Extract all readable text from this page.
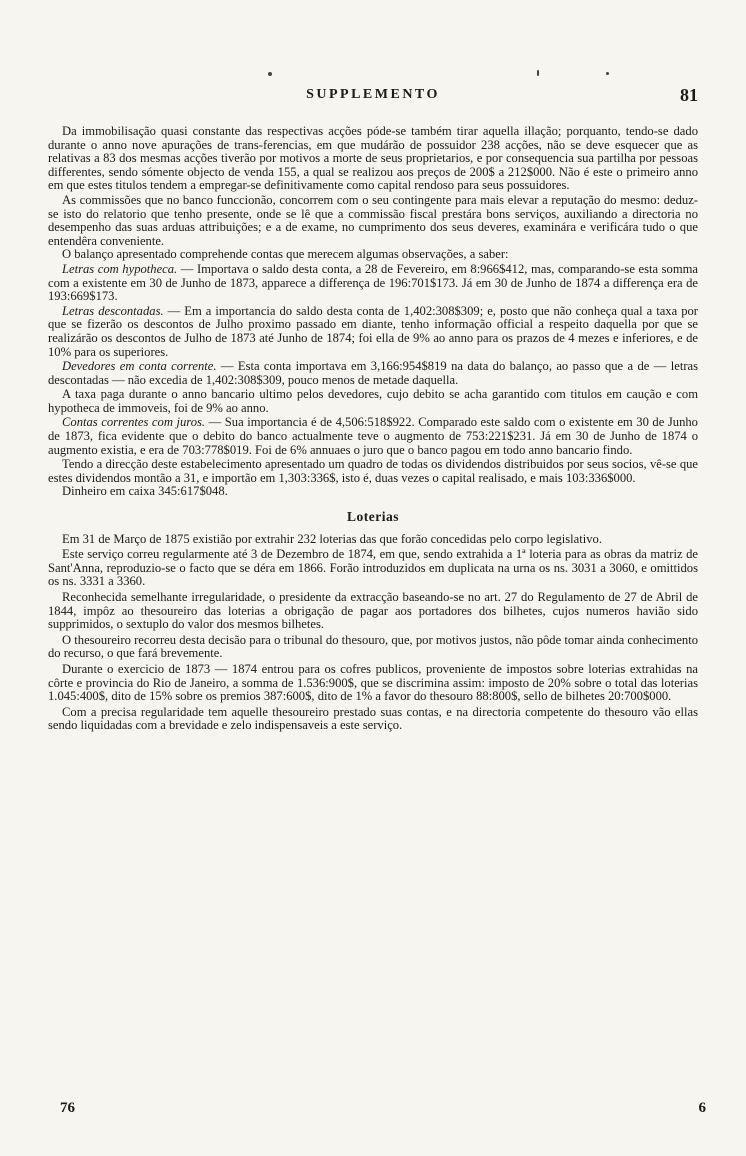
SUPPLEMENTO	81

Da immobilisação quasi constante das respectivas acções póde-se também tirar aquella illação; porquanto, tendo-se dado durante o anno nove apurações de trans-ferencias, em que mudárão de possuidor 238 acções, não se deve esquecer que as relativas a 83 dos mesmas acções tiverão por motivos a morte de seus proprietarios, e por consequencia sua partilha por pessoas differentes, sendo sómente objecto de venda 155, a qual se realizou aos preços de 200$ a 212$000. Não é este o primeiro anno em que estes titulos tendem a empregar-se definitivamente como capital rendoso para seus possuidores.

As commissões que no banco funccionão, concorrem com o seu contingente para mais elevar a reputação do mesmo: deduz-se isto do relatorio que tenho presente, onde se lê que a commissão fiscal prestára bons serviços, auxiliando a directoria no desempenho das suas arduas attribuições; e a de exame, no cumprimento dos seus deveres, examinára e verificára tudo o que entendêra conveniente.

O balanço apresentado comprehende contas que merecem algumas observações, a saber:

Letras com hypotheca. — Importava o saldo desta conta, a 28 de Fevereiro, em 8:966$412, mas, comparando-se esta somma com a existente em 30 de Junho de 1873, apparece a differença de 196:701$173. Já em 30 de Junho de 1874 a differença era de 193:669$173.

Letras descontadas. — Em a importancia do saldo desta conta de 1,402:308$309; e, posto que não conheça qual a taxa por que se fizerão os descontos de Julho proximo passado em diante, tenho informação official a respeito daquella por que se realizárão os descontos de Julho de 1873 até Junho de 1874; foi ella de 9% ao anno para os prazos de 4 mezes e inferiores, e de 10% para os superiores.

Devedores em conta corrente. — Esta conta importava em 3,166:954$819 na data do balanço, ao passo que a de — letras descontadas — não excedia de 1,402:308$309, pouco menos de metade daquella.

A taxa paga durante o anno bancario ultimo pelos devedores, cujo debito se acha garantido com titulos em caução e com hypotheca de immoveis, foi de 9% ao anno.

Contas correntes com juros. — Sua importancia é de 4,506:518$922. Comparado este saldo com o existente em 30 de Junho de 1873, fica evidente que o debito do banco actualmente teve o augmento de 753:221$231. Já em 30 de Junho de 1874 o augmento existia, e era de 703:778$019. Foi de 6% annuaes o juro que o banco pagou em todo anno bancario findo.

Tendo a direcção deste estabelecimento apresentado um quadro de todas os dividendos distribuidos por seus socios, vê-se que estes dividendos montão a 31, e importão em 1,303:336$, isto é, duas vezes o capital realisado, e mais 103:336$000.

Dinheiro em caixa 345:617$048.

Loterias

Em 31 de Março de 1875 existião por extrahir 232 loterias das que forão concedidas pelo corpo legislativo.

Este serviço correu regularmente até 3 de Dezembro de 1874, em que, sendo extrahida a 1ª loteria para as obras da matriz de Sant'Anna, reproduzio-se o facto que se déra em 1866. Forão introduzidos em duplicata na urna os ns. 3031 a 3060, e omittidos os ns. 3331 a 3360.

Reconhecida semelhante irregularidade, o presidente da extracção baseando-se no art. 27 do Regulamento de 27 de Abril de 1844, impôz ao thesoureiro das loterias a obrigação de pagar aos portadores dos bilhetes, cujos numeros havião sido supprimidos, o sextuplo do valor dos mesmos bilhetes.

O thesoureiro recorreu desta decisão para o tribunal do thesouro, que, por motivos justos, não pôde tomar ainda conhecimento do recurso, o que fará brevemente.

Durante o exercicio de 1873 — 1874 entrou para os cofres publicos, proveniente de impostos sobre loterias extrahidas na côrte e provincia do Rio de Janeiro, a somma de 1.536:900$, que se discrimina assim: imposto de 20% sobre o total das loterias 1.045:400$, dito de 15% sobre os premios 387:600$, dito de 1% a favor do thesouro 88:800$, sello de bilhetes 20:700$000.

Com a precisa regularidade tem aquelle thesoureiro prestado suas contas, e na directoria competente do thesouro vão ellas sendo liquidadas com a brevidade e zelo indispensaveis a este serviço.

76	6
